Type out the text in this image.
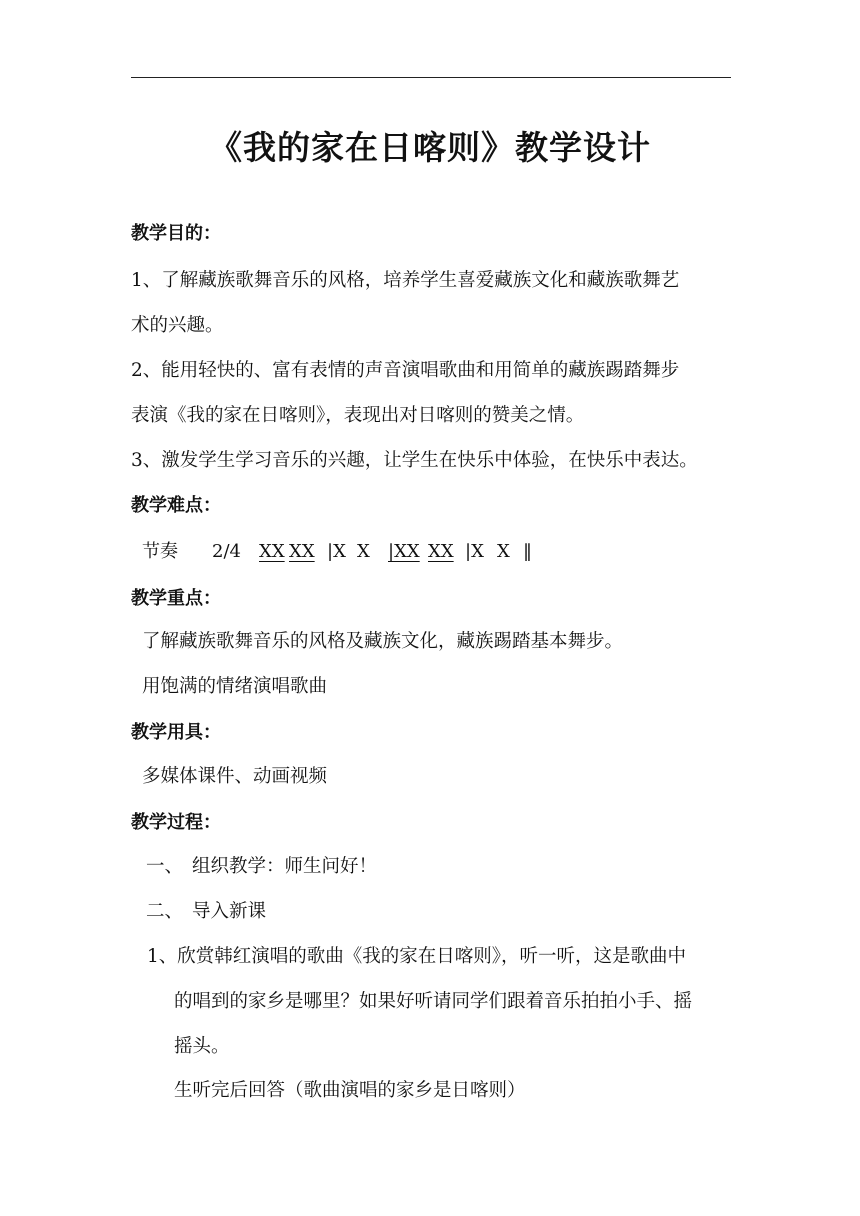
《我的家在日喀则》教学设计
教学目的：
1、了解藏族歌舞音乐的风格，培养学生喜爱藏族文化和藏族歌舞艺
术的兴趣。
2、能用轻快的、富有表情的声音演唱歌曲和用简单的藏族踢踏舞步
表演《我的家在日喀则》，表现出对日喀则的赞美之情。
3、激发学生学习音乐的兴趣，让学生在快乐中体验，在快乐中表达。
教学难点：
节奏 2/4 XX XX |X X |XX XX |X X ‖
教学重点：
了解藏族歌舞音乐的风格及藏族文化，藏族踢踏基本舞步。
用饱满的情绪演唱歌曲
教学用具：
多媒体课件、动画视频
教学过程：
一、 组织教学：师生问好！
二、 导入新课
1、欣赏韩红演唱的歌曲《我的家在日喀则》，听一听，这是歌曲中
的唱到的家乡是哪里？如果好听请同学们跟着音乐拍拍小手、摇
摇头。
生听完后回答（歌曲演唱的家乡是日喀则）
